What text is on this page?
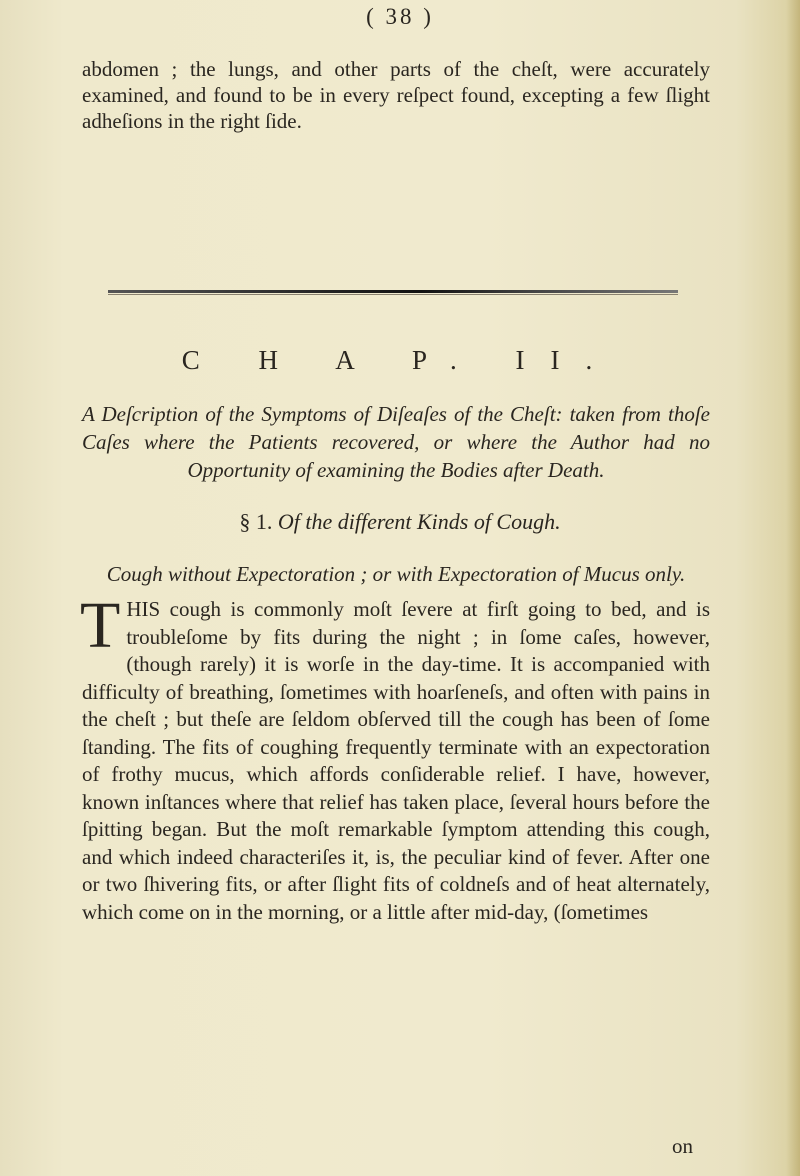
( 38 )
abdomen ; the lungs, and other parts of the cheſt, were accurately examined, and found to be in every reſpect found, excepting a few ſlight adheſions in the right ſide.
C H A P. II.
A Deſcription of the Symptoms of Diſeaſes of the Cheſt: taken from thoſe Caſes where the Patients recovered, or where the Author had no Opportunity of examining the Bodies after Death.
§ 1. Of the different Kinds of Cough.
Cough without Expectoration ; or with Expectoration of Mucus only.
THIS cough is commonly moſt ſevere at firſt going to bed, and is troubleſome by fits during the night ; in ſome caſes, however, (though rarely) it is worſe in the day-time. It is accompanied with difficulty of breathing, ſometimes with hoarſeneſs, and often with pains in the cheſt ; but theſe are ſeldom obſerved till the cough has been of ſome ſtanding. The fits of coughing frequently terminate with an expectoration of frothy mucus, which affords conſiderable relief. I have, however, known inſtances where that relief has taken place, ſeveral hours before the ſpitting began. But the moſt remarkable ſymptom attending this cough, and which indeed characteriſes it, is, the peculiar kind of fever. After one or two ſhivering fits, or after ſlight fits of coldneſs and of heat alternately, which come on in the morning, or a little after mid-day, (ſometimes
on
